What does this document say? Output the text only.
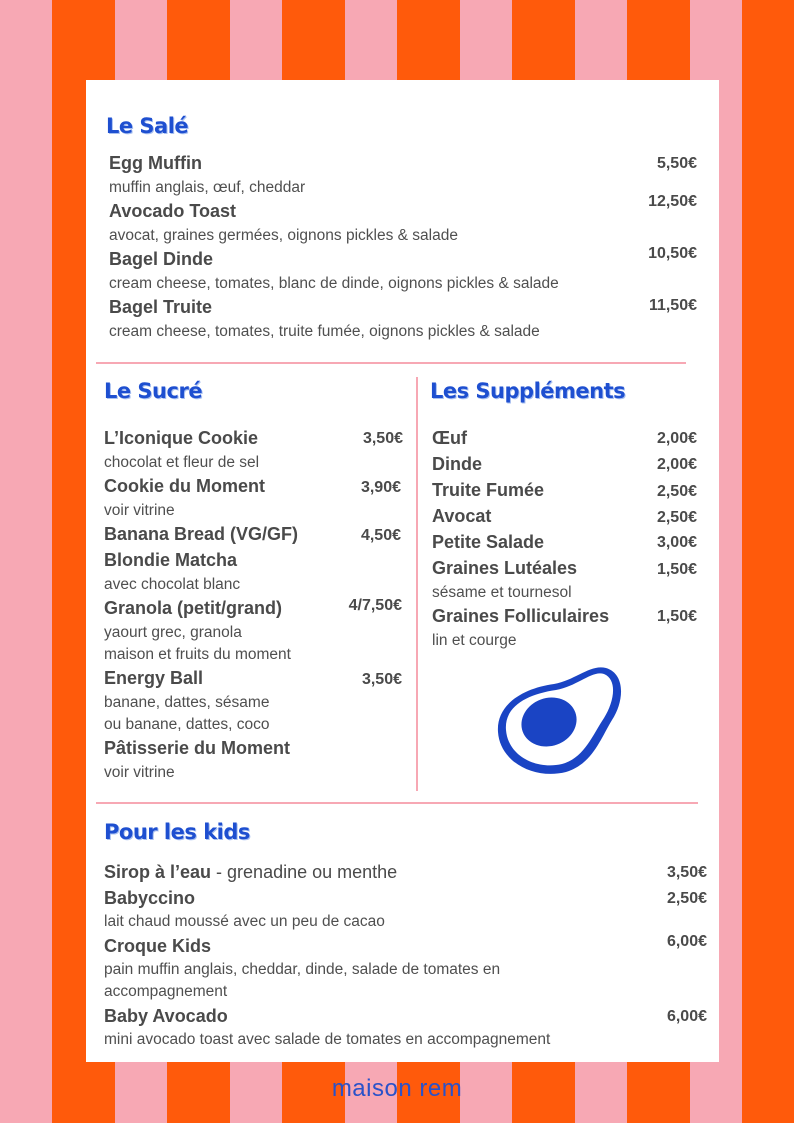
Le Salé
Egg Muffin	5,50€
muffin anglais, œuf, cheddar
Avocado Toast	12,50€
avocat, graines germées, oignons pickles & salade
Bagel Dinde	10,50€
cream cheese, tomates, blanc de dinde, oignons pickles & salade
Bagel Truite	11,50€
cream cheese, tomates, truite fumée, oignons pickles & salade
Le Sucré
L’Iconique Cookie	3,50€
chocolat et fleur de sel
Cookie du Moment	3,90€
voir vitrine
Banana Bread (VG/GF)	4,50€
Blondie Matcha
avec chocolat blanc
Granola (petit/grand)	4/7,50€
yaourt grec, granola
maison et fruits du moment
Energy Ball	3,50€
banane, dattes, sésame
ou banane, dattes, coco
Pâtisserie du Moment
voir vitrine
Les Suppléments
Œuf	2,00€
Dinde	2,00€
Truite Fumée	2,50€
Avocat	2,50€
Petite Salade	3,00€
Graines Lutéales	1,50€
sésame et tournesol
Graines Folliculaires	1,50€
lin et courge
Pour les kids
Sirop à l’eau - grenadine ou menthe	3,50€
Babyccino	2,50€
lait chaud moussé avec un peu de cacao
Croque Kids	6,00€
pain muffin anglais, cheddar, dinde, salade de tomates en
accompagnement
Baby Avocado	6,00€
mini avocado toast avec salade de tomates en accompagnement
maison rem
